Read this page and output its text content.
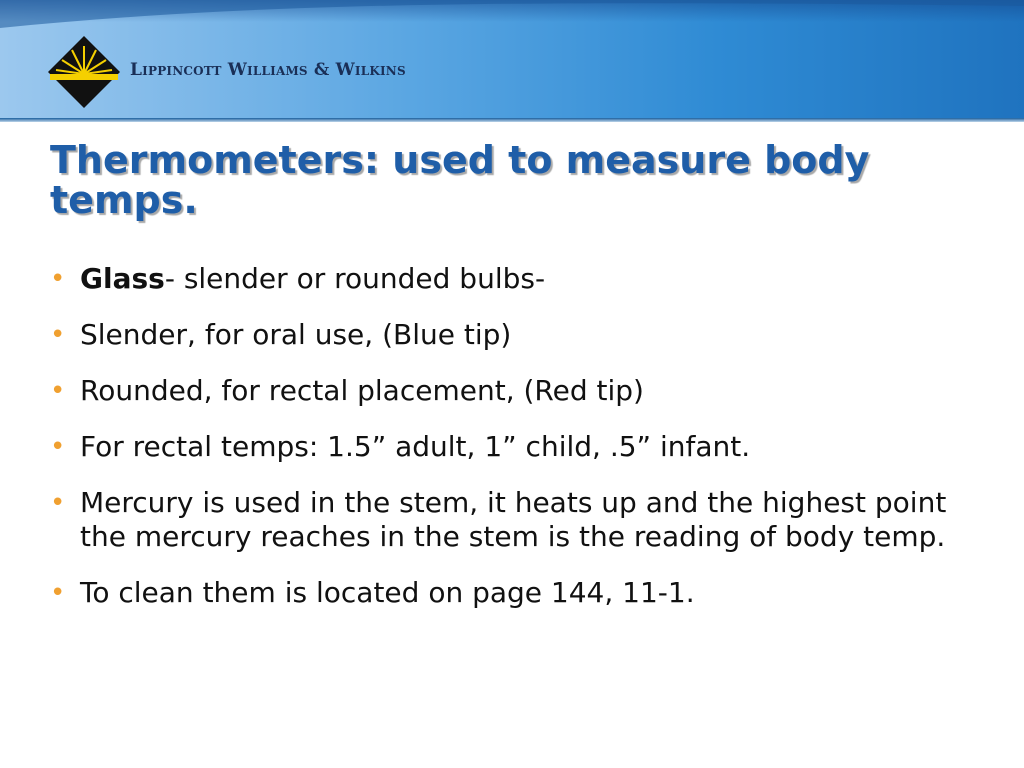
Lippincott Williams & Wilkins
Thermometers: used to measure body temps.
• Glass- slender or rounded bulbs-
• Slender, for oral use, (Blue tip)
• Rounded, for rectal placement, (Red tip)
• For rectal temps: 1.5” adult, 1” child, .5” infant.
• Mercury is used in the stem, it heats up and the highest point the mercury reaches in the stem is the reading of body temp.
• To clean them is located on page 144, 11-1.
